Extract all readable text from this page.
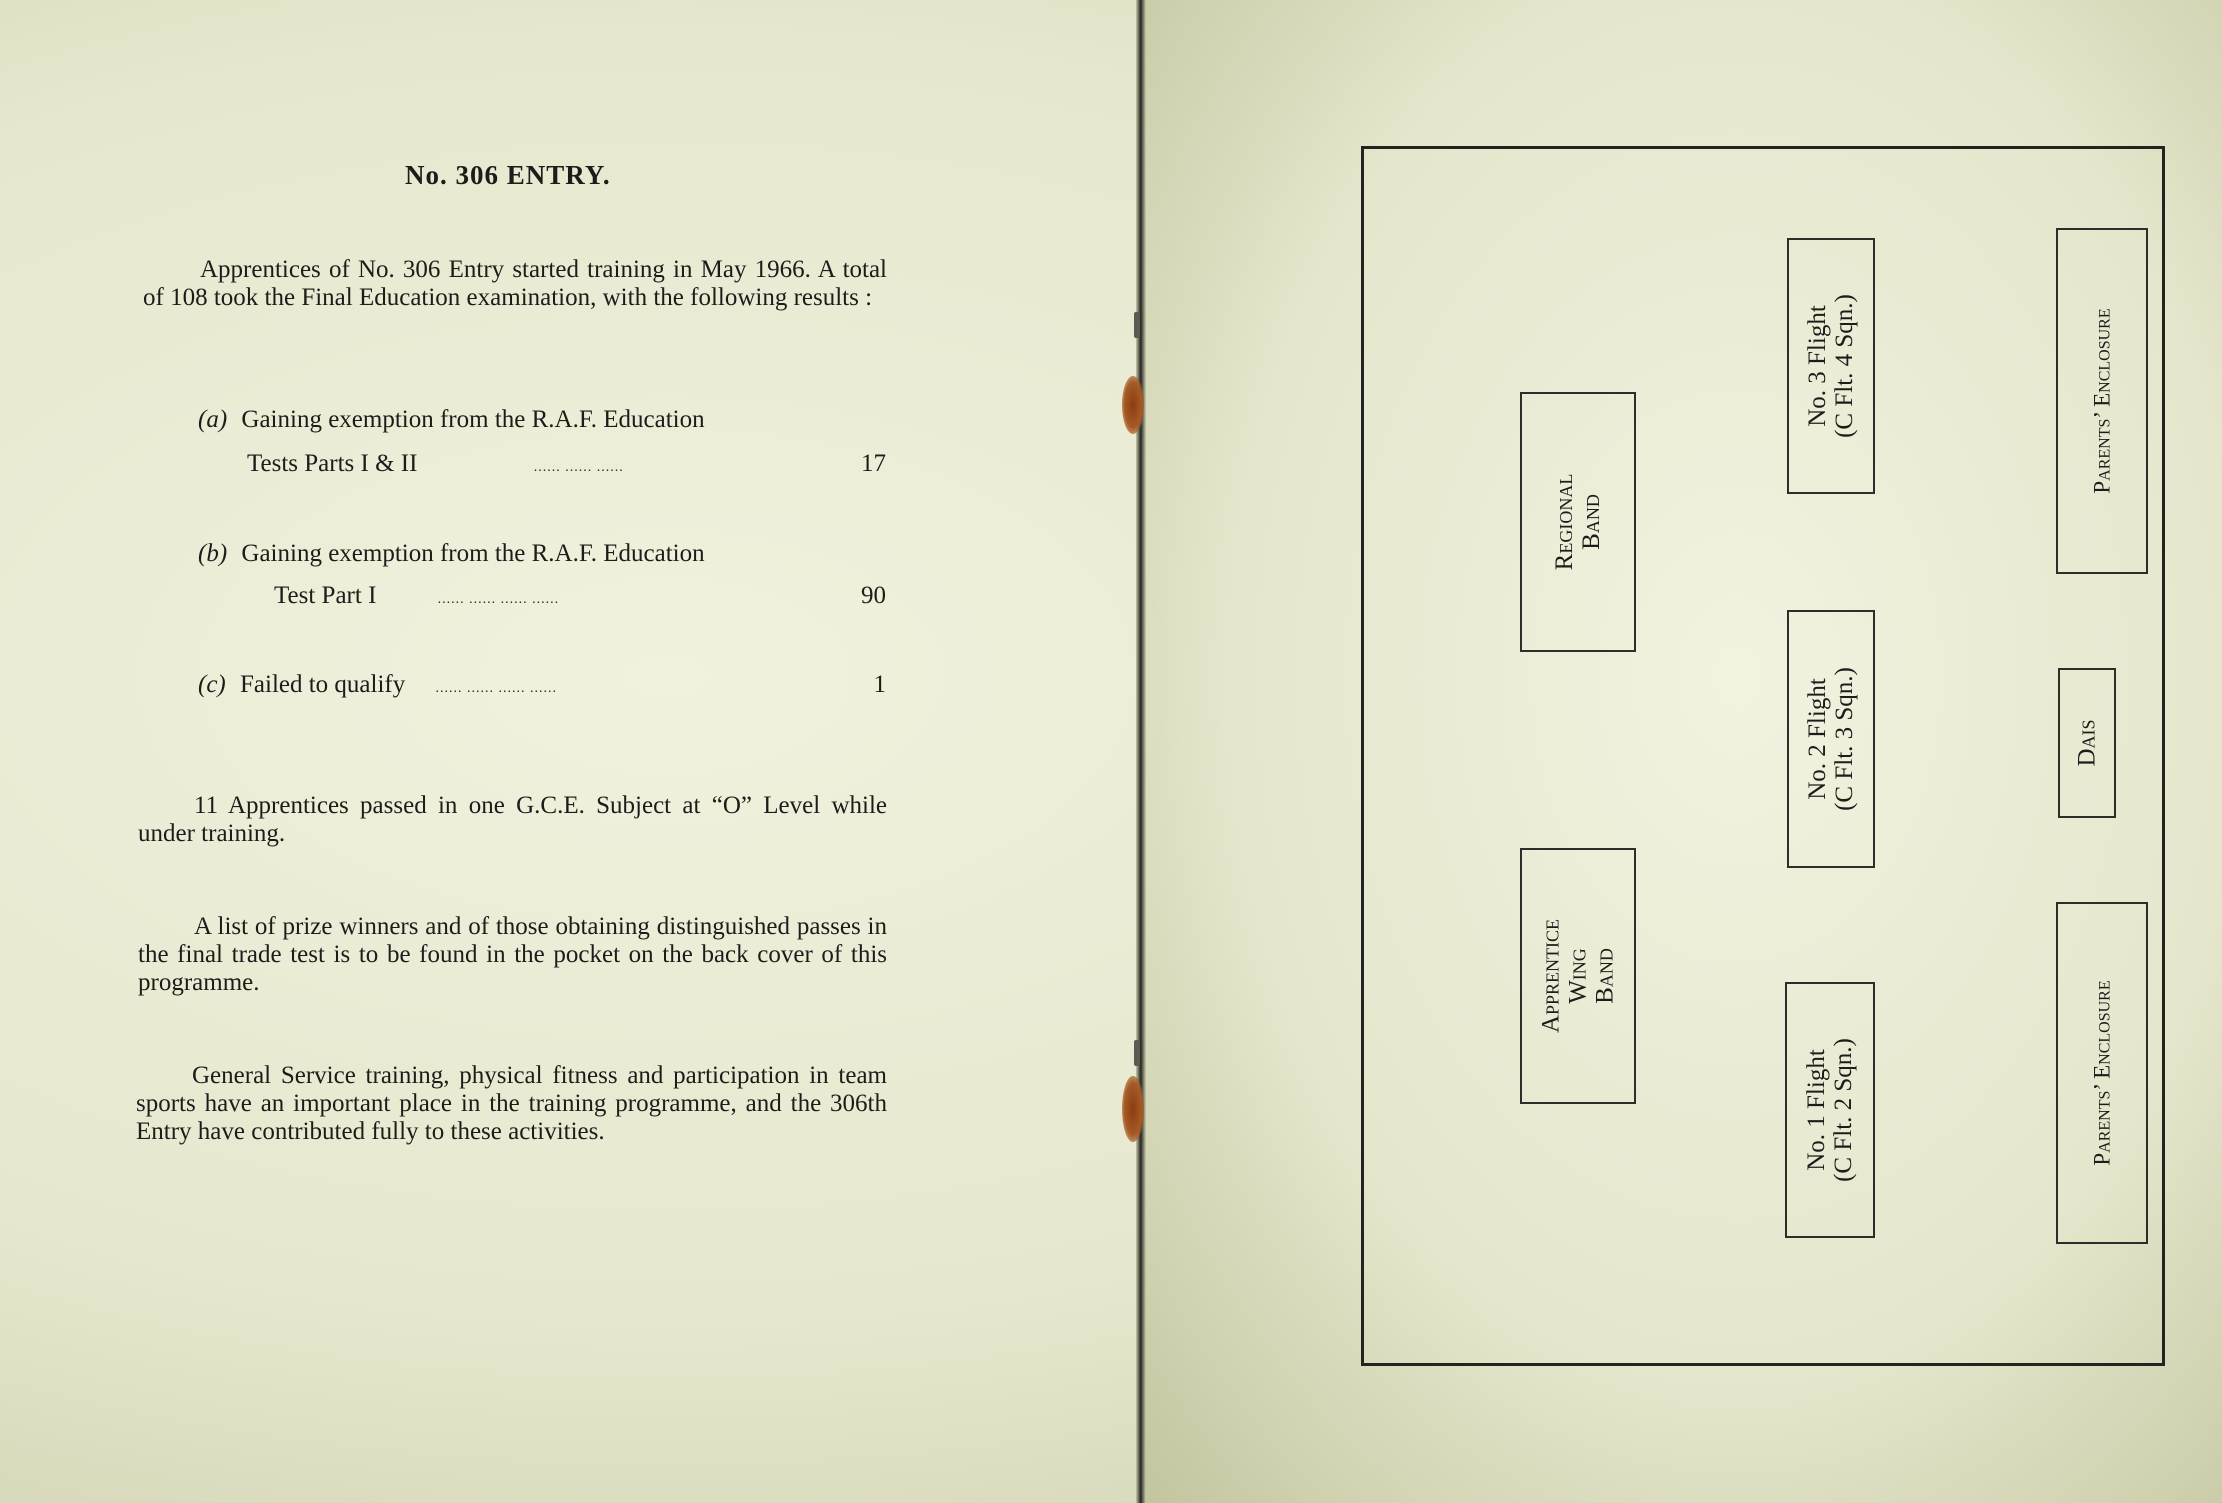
No. 306 ENTRY.
Apprentices of No. 306 Entry started training in May 1966. A total of 108 took the Final Education examination, with the following results :
(a) Gaining exemption from the R.A.F. Education
Tests Parts I & II	...... ...... ......	17
(b) Gaining exemption from the R.A.F. Education
Test Part I	...... ...... ...... ......	90
(c) Failed to qualify ...... ...... ...... ......	1
11 Apprentices passed in one G.C.E. Subject at “O” Level while under training.
A list of prize winners and of those obtaining distinguished passes in the final trade test is to be found in the pocket on the back cover of this programme.
General Service training, physical fitness and participation in team sports have an important place in the training programme, and the 306th Entry have contributed fully to these activities.
Regional Band
Apprentice Wing Band
No. 3 Flight (C Flt. 4 Sqn.)
No. 2 Flight (C Flt. 3 Sqn.)
No. 1 Flight (C Flt. 2 Sqn.)
Dais
Parents’ Enclosure
Parents’ Enclosure
